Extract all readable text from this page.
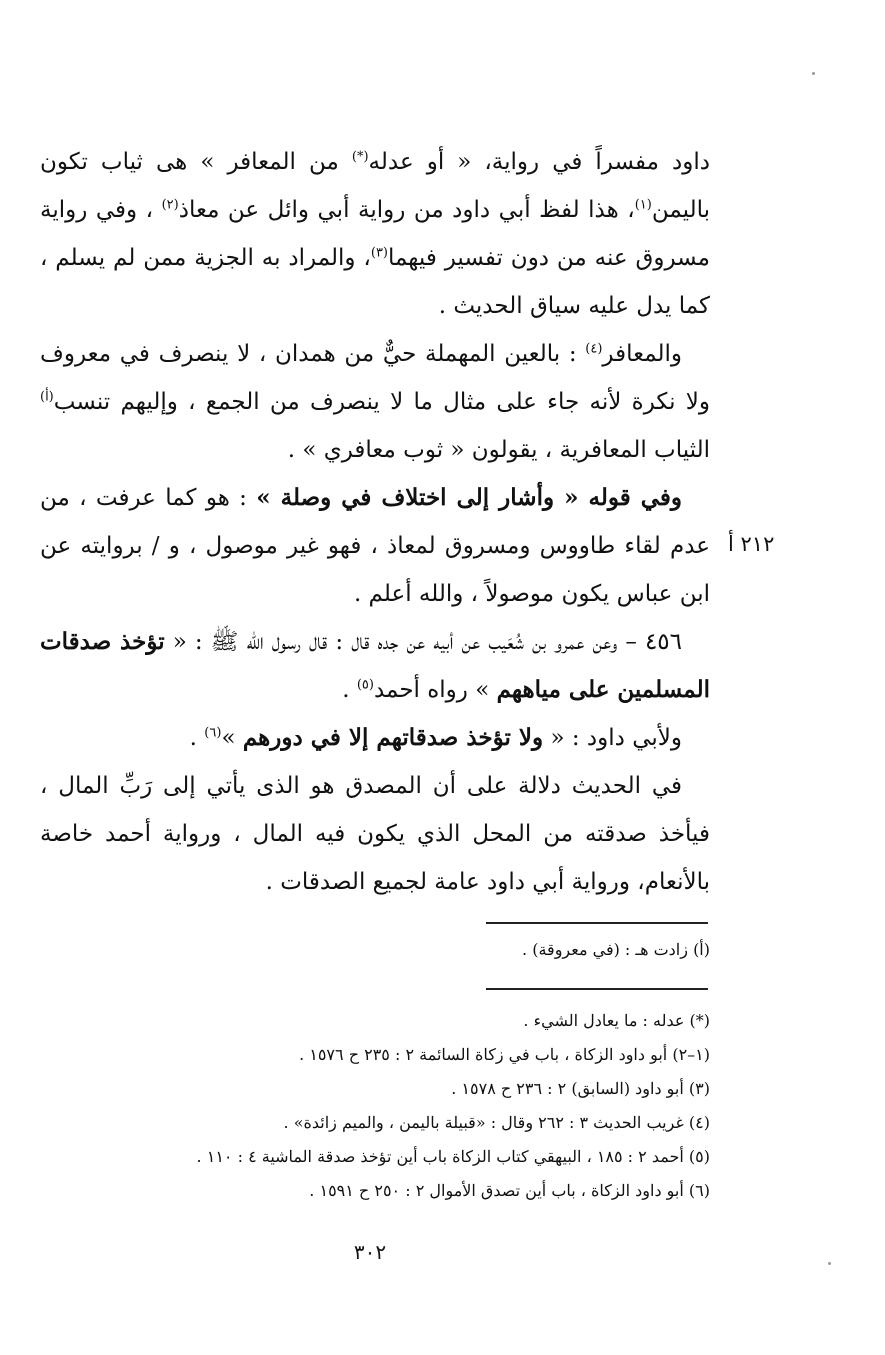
داود مفسراً في رواية، « أو عدله(*) من المعافر » هى ثياب تكون باليمن$^{(١)}$، هذا لفظ أبي داود من رواية أبي وائل عن معاذ$^{(٢)}$ ، وفي رواية مسروق عنه من دون تفسير فيهما$^{(٣)}$، والمراد به الجزية ممن لم يسلم ، كما يدل عليه سياق الحديث .

والمعافر$^{(٤)}$ : بالعين المهملة حيٌّ من همدان ، لا ينصرف في معروف ولا نكرة لأنه جاء على مثال ما لا ينصرف من الجمع ، وإليهم تنسب$^{(أ)}$ الثياب المعافرية ، يقولون « ثوب معافري » .

وفي قوله « وأشار إلى اختلاف في وصلة » : هو كما عرفت ، من عدم لقاء طاووس ومسروق لمعاذ ، فهو غير موصول ، و / بروايته عن ابن عباس يكون موصولاً ، والله أعلم .

٤٥٦ – وعن عمرو بن شُعَيب عن أبيه عن جده قال : قال رسول الله ﷺ : « تؤخذ صدقات المسلمين على مياههم » رواه أحمد$^{(٥)}$ .

ولأبي داود : « ولا تؤخذ صدقاتهم إلا في دورهم »$^{(٦)}$ .

في الحديث دلالة على أن المصدق هو الذى يأتي إلى رَبِّ المال ، فيأخذ صدقته من المحل الذي يكون فيه المال ، ورواية أحمد خاصة بالأنعام، ورواية أبي داود عامة لجميع الصدقات .

٢١٢ أ
(أ) زادت هـ : (في معروقة) .
(*) عدله : ما يعادل الشيء .
(١–٢) أبو داود الزكاة ، باب في زكاة السائمة ٢ : ٢٣٥ ح ١٥٧٦ .
(٣) أبو داود (السابق) ٢ : ٢٣٦ ح ١٥٧٨ .
(٤) غريب الحديث ٣ : ٢٦٢ وقال : «قبيلة باليمن ، والميم زائدة» .
(٥) أحمد ٢ : ١٨٥ ، البيهقي كتاب الزكاة باب أين تؤخذ صدقة الماشية ٤ : ١١٠ .
(٦) أبو داود الزكاة ، باب أين تصدق الأموال ٢ : ٢٥٠ ح ١٥٩١ .
٣٠٢
